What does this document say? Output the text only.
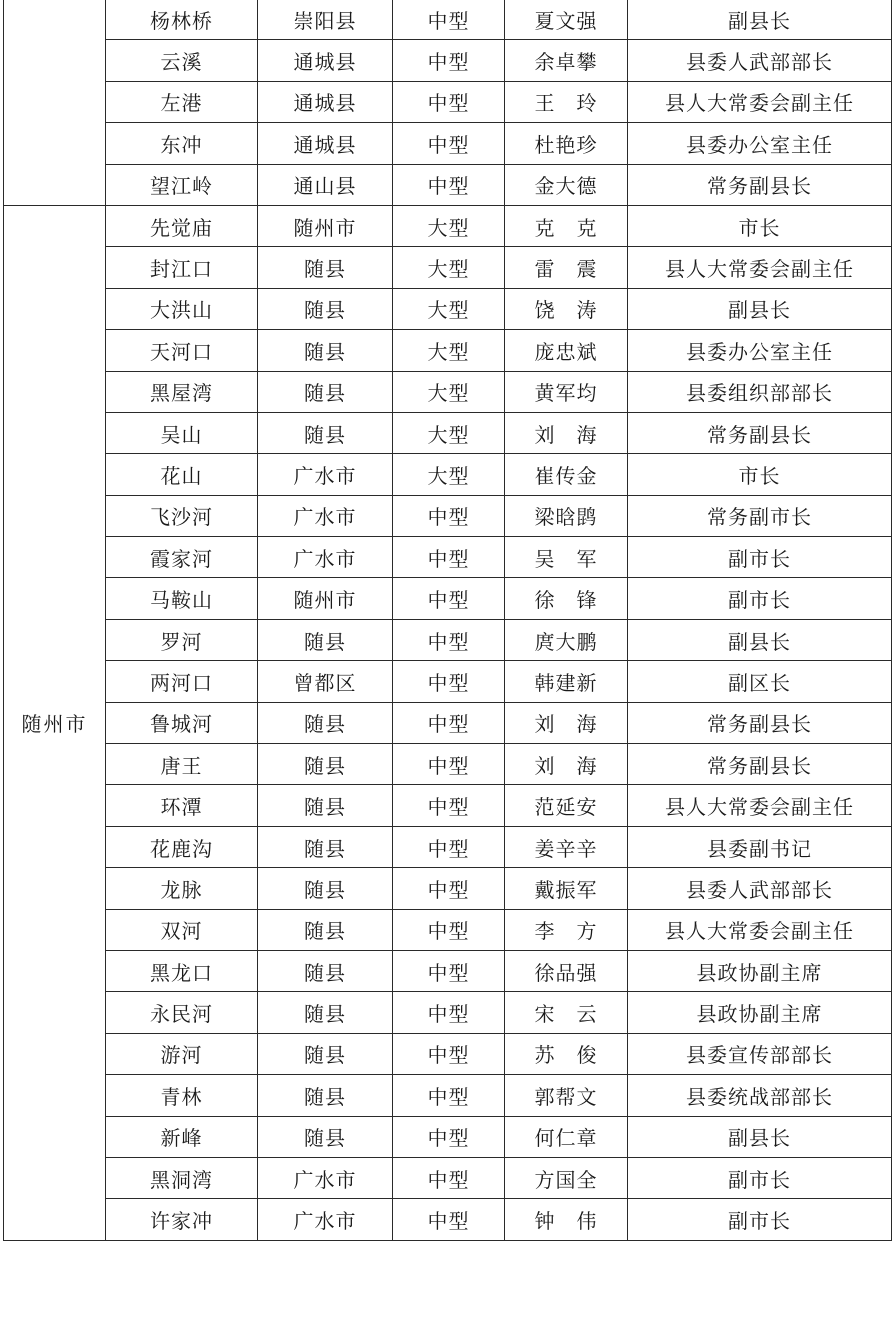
	杨林桥	崇阳县	中型	夏文强	副县长
	云溪	通城县	中型	余卓攀	县委人武部部长
	左港	通城县	中型	王　玲	县人大常委会副主任
	东冲	通城县	中型	杜艳珍	县委办公室主任
	望江岭	通山县	中型	金大德	常务副县长
随州市	先觉庙	随州市	大型	克　克	市长
	封江口	随县	大型	雷　震	县人大常委会副主任
	大洪山	随县	大型	饶　涛	副县长
	天河口	随县	大型	庞忠斌	县委办公室主任
	黑屋湾	随县	大型	黄军均	县委组织部部长
	吴山	随县	大型	刘　海	常务副县长
	花山	广水市	大型	崔传金	市长
	飞沙河	广水市	中型	梁晗鹍	常务副市长
	霞家河	广水市	中型	吴　军	副市长
	马鞍山	随州市	中型	徐　锋	副市长
	罗河	随县	中型	庹大鹏	副县长
	两河口	曾都区	中型	韩建新	副区长
	鲁城河	随县	中型	刘　海	常务副县长
	唐王	随县	中型	刘　海	常务副县长
	环潭	随县	中型	范延安	县人大常委会副主任
	花鹿沟	随县	中型	姜辛辛	县委副书记
	龙脉	随县	中型	戴振军	县委人武部部长
	双河	随县	中型	李　方	县人大常委会副主任
	黑龙口	随县	中型	徐品强	县政协副主席
	永民河	随县	中型	宋　云	县政协副主席
	游河	随县	中型	苏　俊	县委宣传部部长
	青林	随县	中型	郭帮文	县委统战部部长
	新峰	随县	中型	何仁章	副县长
	黑洞湾	广水市	中型	方国全	副市长
	许家冲	广水市	中型	钟　伟	副市长
